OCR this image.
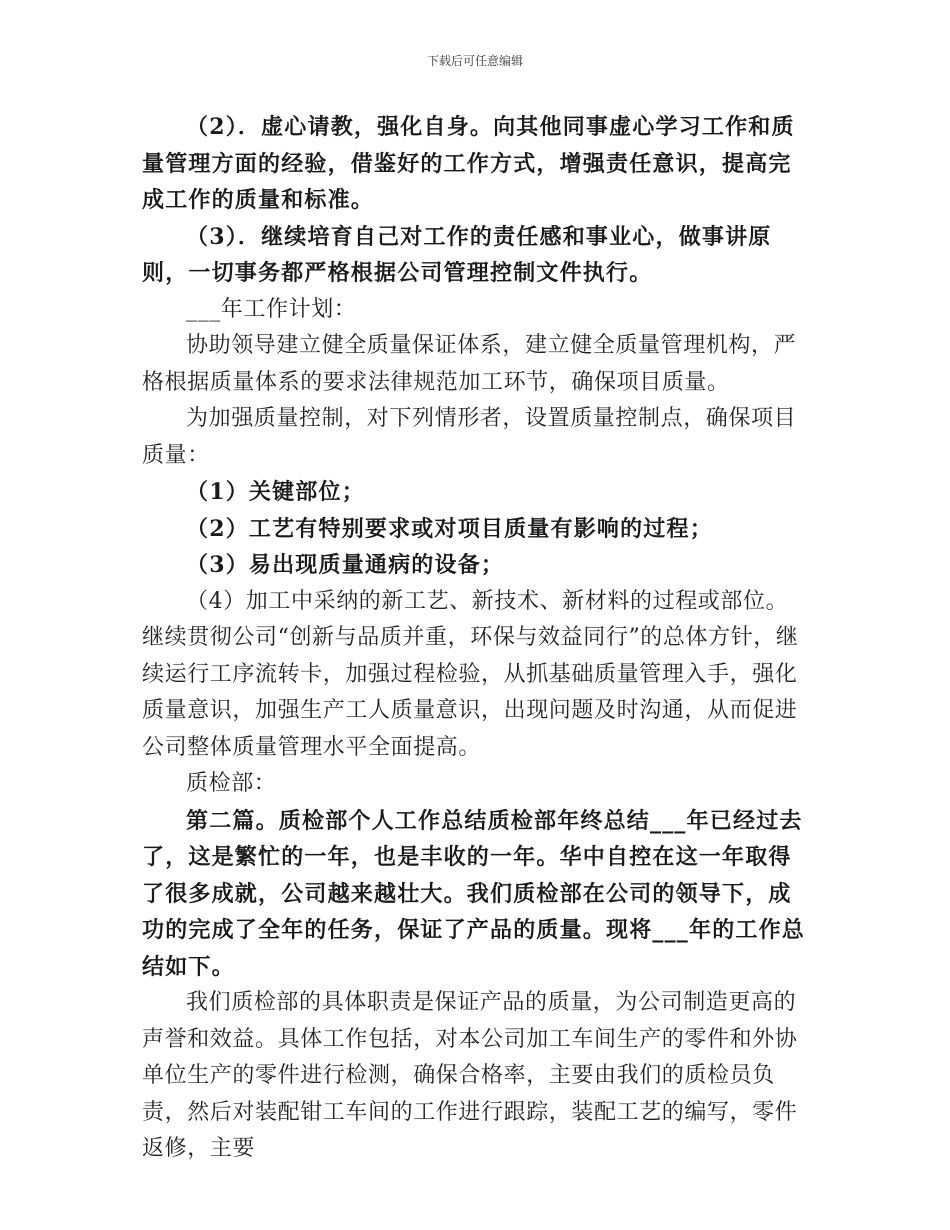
下载后可任意编辑

（2）．虚心请教，强化自身。向其他同事虚心学习工作和质量管理方面的经验，借鉴好的工作方式，增强责任意识，提高完成工作的质量和标准。

（3）．继续培育自己对工作的责任感和事业心，做事讲原则，一切事务都严格根据公司管理控制文件执行。

___年工作计划：

协助领导建立健全质量保证体系，建立健全质量管理机构，严格根据质量体系的要求法律规范加工环节，确保项目质量。

为加强质量控制，对下列情形者，设置质量控制点，确保项目质量：

（1）关键部位；

（2）工艺有特别要求或对项目质量有影响的过程；

（3）易出现质量通病的设备；

（4）加工中采纳的新工艺、新技术、新材料的过程或部位。继续贯彻公司“创新与品质并重，环保与效益同行”的总体方针，继续运行工序流转卡，加强过程检验，从抓基础质量管理入手，强化质量意识，加强生产工人质量意识，出现问题及时沟通，从而促进公司整体质量管理水平全面提高。

质检部：

第二篇。质检部个人工作总结质检部年终总结___年已经过去了，这是繁忙的一年，也是丰收的一年。华中自控在这一年取得了很多成就，公司越来越壮大。我们质检部在公司的领导下，成功的完成了全年的任务，保证了产品的质量。现将___年的工作总结如下。

我们质检部的具体职责是保证产品的质量，为公司制造更高的声誉和效益。具体工作包括，对本公司加工车间生产的零件和外协单位生产的零件进行检测，确保合格率，主要由我们的质检员负责，然后对装配钳工车间的工作进行跟踪，装配工艺的编写，零件返修，主要
